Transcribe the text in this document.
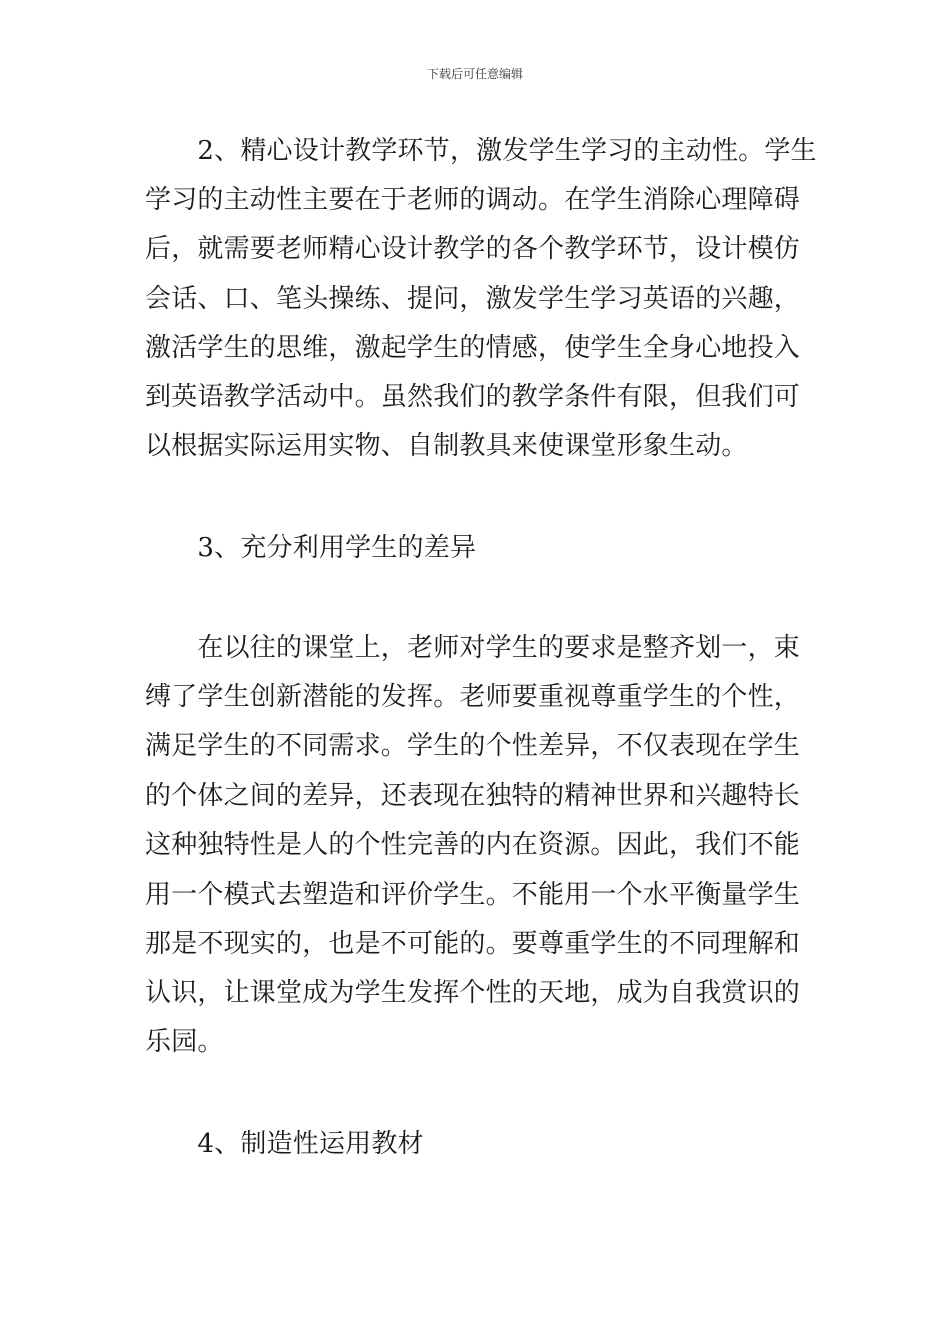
下载后可任意编辑
　　2、精心设计教学环节，激发学生学习的主动性。学生
学习的主动性主要在于老师的调动。在学生消除心理障碍
后，就需要老师精心设计教学的各个教学环节，设计模仿
会话、口、笔头操练、提问，激发学生学习英语的兴趣，
激活学生的思维，激起学生的情感，使学生全身心地投入
到英语教学活动中。虽然我们的教学条件有限，但我们可
以根据实际运用实物、自制教具来使课堂形象生动。
　　3、充分利用学生的差异
　　在以往的课堂上，老师对学生的要求是整齐划一，束
缚了学生创新潜能的发挥。老师要重视尊重学生的个性，
满足学生的不同需求。学生的个性差异，不仅表现在学生
的个体之间的差异，还表现在独特的精神世界和兴趣特长
这种独特性是人的个性完善的内在资源。因此，我们不能
用一个模式去塑造和评价学生。不能用一个水平衡量学生
那是不现实的，也是不可能的。要尊重学生的不同理解和
认识，让课堂成为学生发挥个性的天地，成为自我赏识的
乐园。
　　4、制造性运用教材
